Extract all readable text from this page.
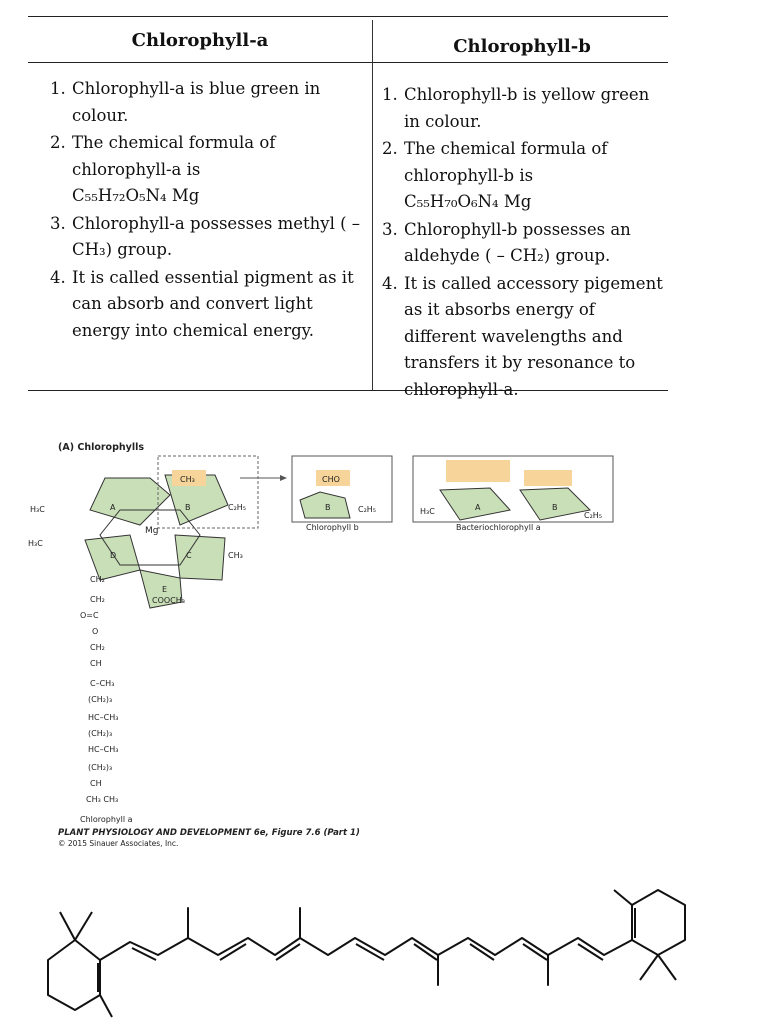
Chlorophyll-a	Chlorophyll-b
1. Chlorophyll-a is blue green in colour.
2. The chemical formula of chlorophyll-a is
C₅₅H₇₂O₅N₄ Mg
3. Chlorophyll-a possesses methyl ( – CH₃) group.
4. It is called essential pigment as it can absorb and convert light energy into chemical energy.
1. Chlorophyll-b is yellow green in colour.
2. The chemical formula of chlorophyll-b is
C₅₅H₇₀O₆N₄ Mg
3. Chlorophyll-b possesses an aldehyde ( – CH₂) group.
4. It is called accessory pigement as it absorbs energy of different wavelengths and transfers it by resonance to chlorophyll-a.
(A) Chlorophylls
CH₃
C₂H₅
Mg
COOCH₃
A	B
D	C
E
H₃C
H₃C
CH₃
CH₂
CH₂
O=C
O
CH₂
CH
C–CH₃
(CH₂)₃
HC–CH₃
(CH₂)₃
HC–CH₃
(CH₂)₃
CH
CH₃ CH₃
Chlorophyll a
CHO
B	C₂H₅
Chlorophyll b
A	B
H₃C	C₂H₅
Bacteriochlorophyll a
PLANT PHYSIOLOGY AND DEVELOPMENT 6e, Figure 7.6 (Part 1)
© 2015 Sinauer Associates, Inc.
